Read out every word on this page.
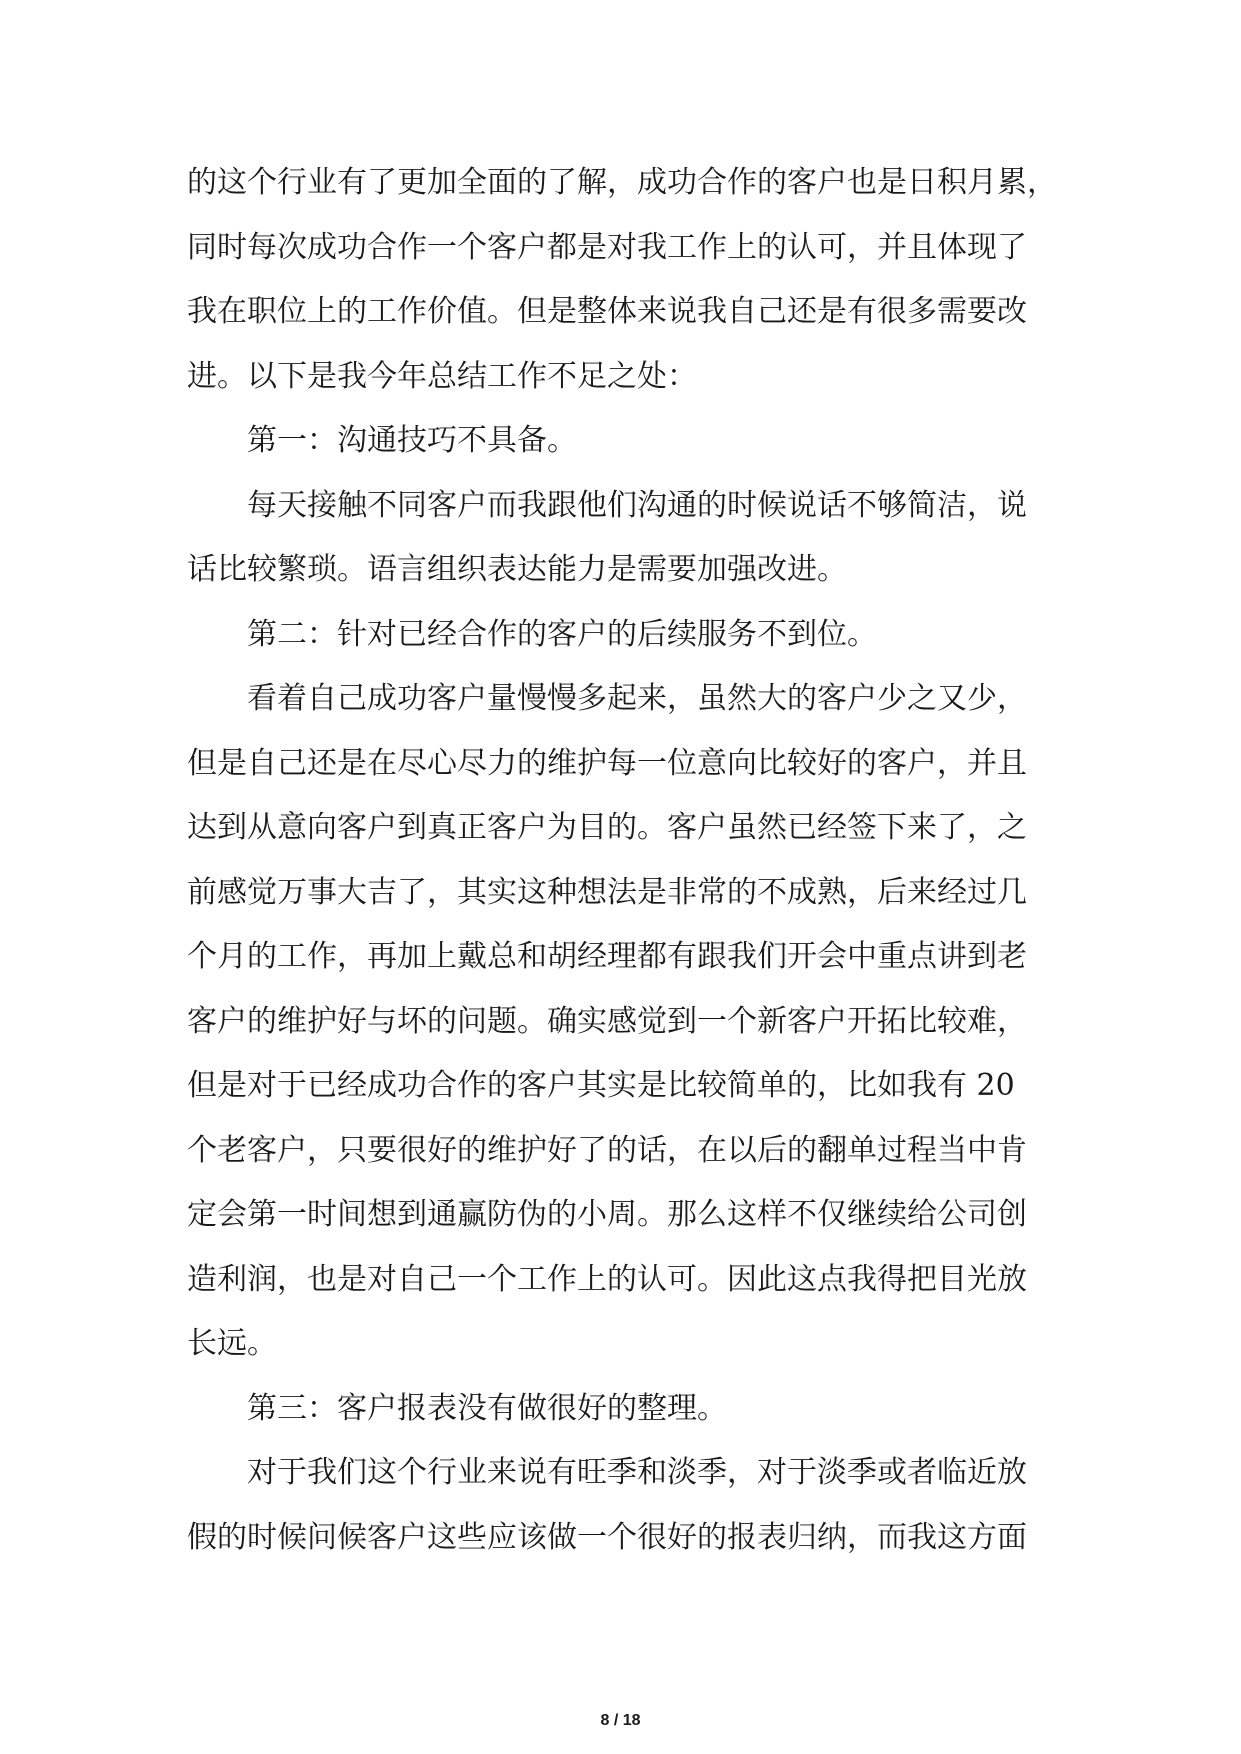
的这个行业有了更加全面的了解，成功合作的客户也是日积月累，
同时每次成功合作一个客户都是对我工作上的认可，并且体现了
我在职位上的工作价值。但是整体来说我自己还是有很多需要改
进。以下是我今年总结工作不足之处：
第一：沟通技巧不具备。
每天接触不同客户而我跟他们沟通的时候说话不够简洁，说
话比较繁琐。语言组织表达能力是需要加强改进。
第二：针对已经合作的客户的后续服务不到位。
看着自己成功客户量慢慢多起来，虽然大的客户少之又少，
但是自己还是在尽心尽力的维护每一位意向比较好的客户，并且
达到从意向客户到真正客户为目的。客户虽然已经签下来了，之
前感觉万事大吉了，其实这种想法是非常的不成熟，后来经过几
个月的工作，再加上戴总和胡经理都有跟我们开会中重点讲到老
客户的维护好与坏的问题。确实感觉到一个新客户开拓比较难，
但是对于已经成功合作的客户其实是比较简单的，比如我有 20
个老客户，只要很好的维护好了的话，在以后的翻单过程当中肯
定会第一时间想到通赢防伪的小周。那么这样不仅继续给公司创
造利润，也是对自己一个工作上的认可。因此这点我得把目光放
长远。
第三：客户报表没有做很好的整理。
对于我们这个行业来说有旺季和淡季，对于淡季或者临近放
假的时候问候客户这些应该做一个很好的报表归纳，而我这方面
8 / 18
